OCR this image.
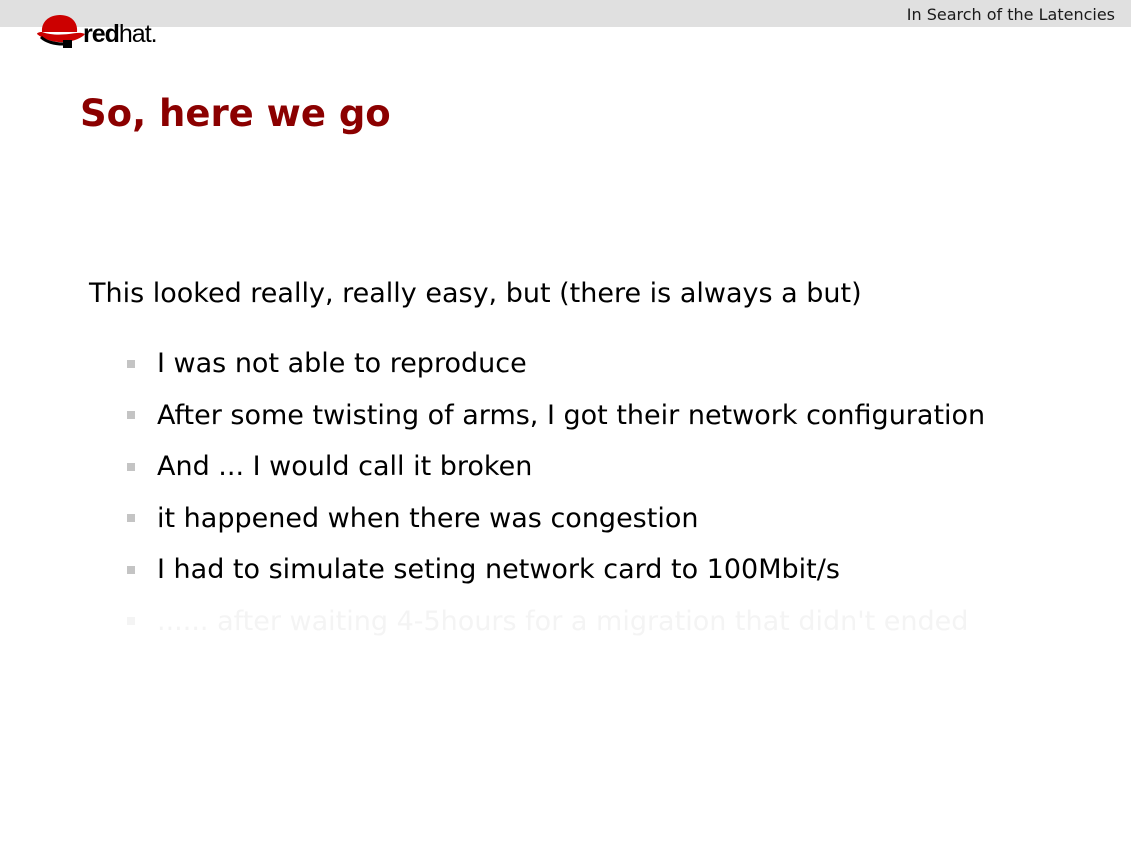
In Search of the Latencies
redhat.
So, here we go
This looked really, really easy, but (there is always a but)
I was not able to reproduce
After some twisting of arms, I got their network configuration
And ... I would call it broken
it happened when there was congestion
I had to simulate seting network card to 100Mbit/s
...... after waiting 4-5hours for a migration that didn't ended
